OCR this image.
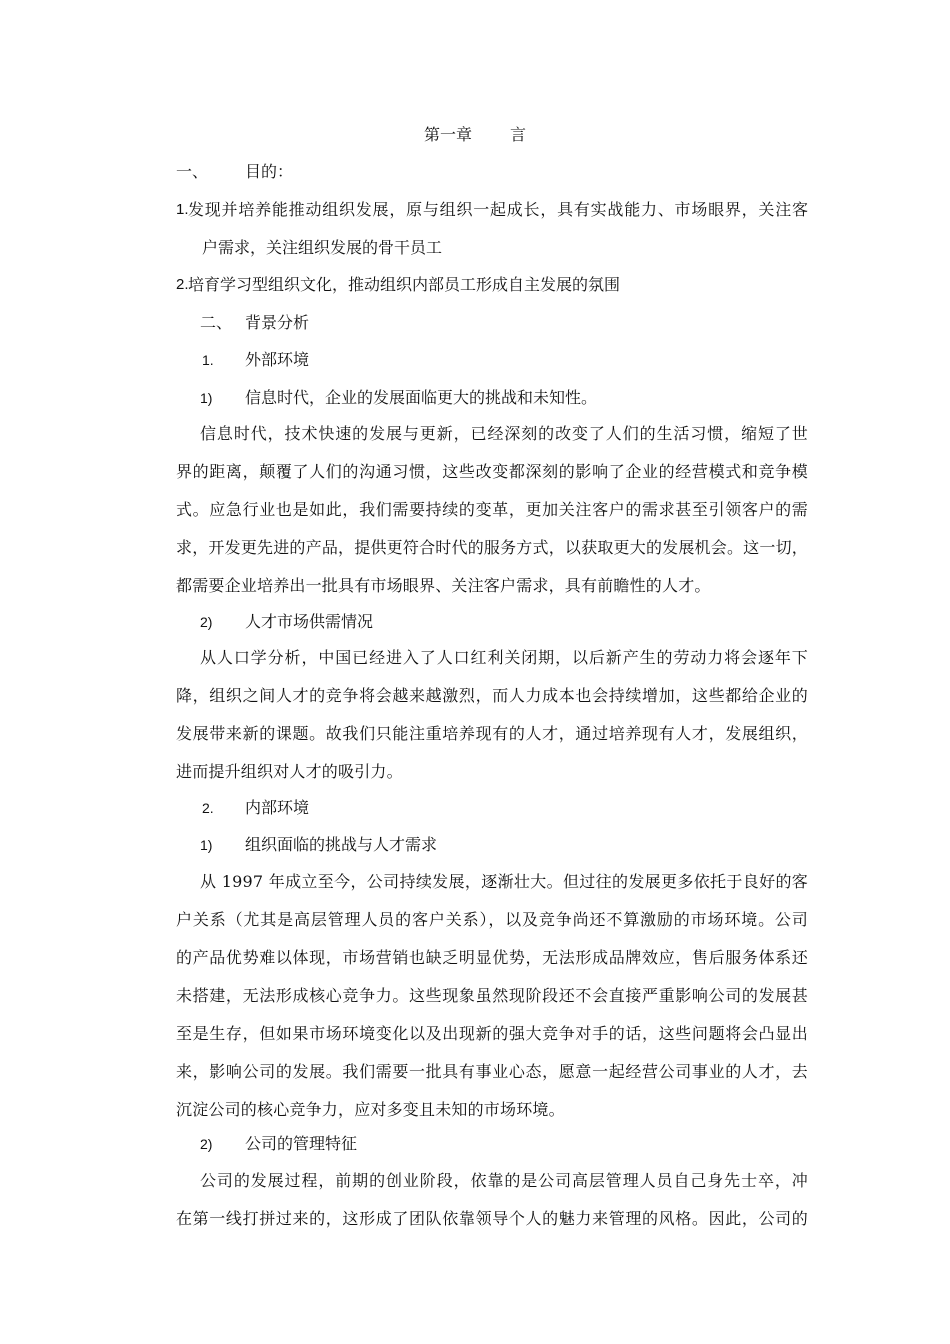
第一章 言
一、 目的：
1. 发现并培养能推动组织发展，原与组织一起成长，具有实战能力、市场眼界，关注客
户需求，关注组织发展的骨干员工
2. 培育学习型组织文化，推动组织内部员工形成自主发展的氛围
二、 背景分析
1. 外部环境
1) 信息时代，企业的发展面临更大的挑战和未知性。
信息时代，技术快速的发展与更新，已经深刻的改变了人们的生活习惯，缩短了世
界的距离，颠覆了人们的沟通习惯，这些改变都深刻的影响了企业的经营模式和竞争模
式。应急行业也是如此，我们需要持续的变革，更加关注客户的需求甚至引领客户的需
求，开发更先进的产品，提供更符合时代的服务方式，以获取更大的发展机会。这一切，
都需要企业培养出一批具有市场眼界、关注客户需求，具有前瞻性的人才。
2) 人才市场供需情况
从人口学分析，中国已经进入了人口红利关闭期，以后新产生的劳动力将会逐年下
降，组织之间人才的竞争将会越来越激烈，而人力成本也会持续增加，这些都给企业的
发展带来新的课题。故我们只能注重培养现有的人才，通过培养现有人才，发展组织，
进而提升组织对人才的吸引力。
2. 内部环境
1) 组织面临的挑战与人才需求
从 1997 年成立至今，公司持续发展，逐渐壮大。但过往的发展更多依托于良好的客
户关系（尤其是高层管理人员的客户关系），以及竞争尚还不算激励的市场环境。公司
的产品优势难以体现，市场营销也缺乏明显优势，无法形成品牌效应，售后服务体系还
未搭建，无法形成核心竞争力。这些现象虽然现阶段还不会直接严重影响公司的发展甚
至是生存，但如果市场环境变化以及出现新的强大竞争对手的话，这些问题将会凸显出
来，影响公司的发展。我们需要一批具有事业心态，愿意一起经营公司事业的人才，去
沉淀公司的核心竞争力，应对多变且未知的市场环境。
2) 公司的管理特征
公司的发展过程，前期的创业阶段，依靠的是公司高层管理人员自己身先士卒，冲
在第一线打拼过来的，这形成了团队依靠领导个人的魅力来管理的风格。因此，公司的
